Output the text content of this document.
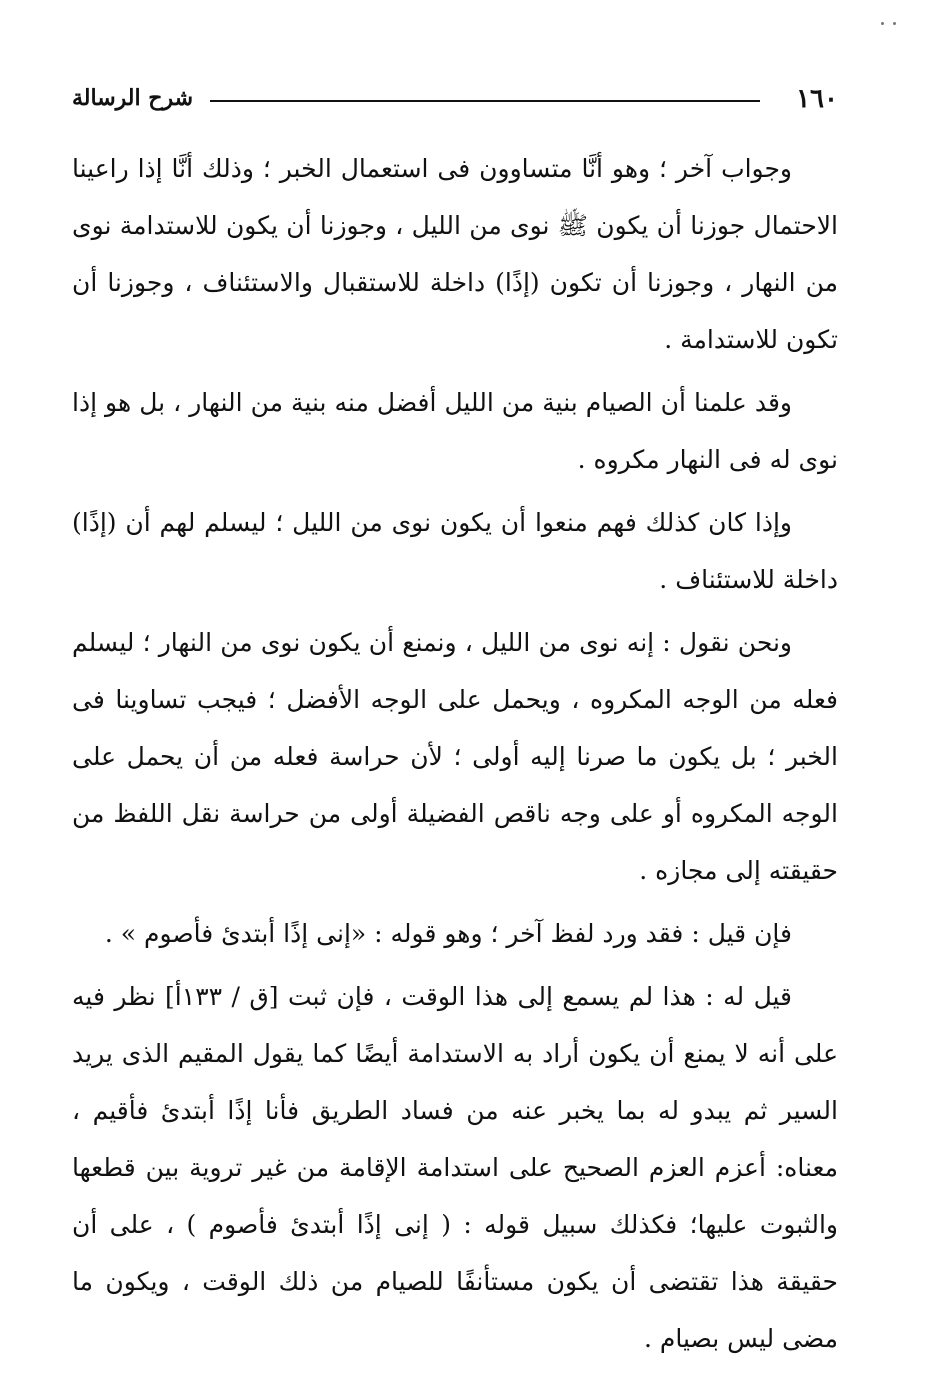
١٦٠
شرح الرسالة

وجواب آخر ؛ وهو أنَّا متساوون فى استعمال الخبر ؛ وذلك أنَّا إذا راعينا الاحتمال جوزنا أن يكون ﷺ نوى من الليل ، وجوزنا أن يكون للاستدامة نوى من النهار ، وجوزنا أن تكون (إذًا) داخلة للاستقبال والاستئناف ، وجوزنا أن تكون للاستدامة .

وقد علمنا أن الصيام بنية من الليل أفضل منه بنية من النهار ، بل هو إذا نوى له فى النهار مكروه .

وإذا كان كذلك فهم منعوا أن يكون نوى من الليل ؛ ليسلم لهم أن (إذًا) داخلة للاستئناف .

ونحن نقول : إنه نوى من الليل ، ونمنع أن يكون نوى من النهار ؛ ليسلم فعله من الوجه المكروه ، ويحمل على الوجه الأفضل ؛ فيجب تساوينا فى الخبر ؛ بل يكون ما صرنا إليه أولى ؛ لأن حراسة فعله من أن يحمل على الوجه المكروه أو على وجه ناقص الفضيلة أولى من حراسة نقل اللفظ من حقيقته إلى مجازه .

فإن قيل : فقد ورد لفظ آخر ؛ وهو قوله : «إنى إذًا أبتدئ فأصوم » .

قيل له : هذا لم يسمع إلى هذا الوقت ، فإن ثبت [ق / ١٣٣أ] نظر فيه على أنه لا يمنع أن يكون أراد به الاستدامة أيضًا كما يقول المقيم الذى يريد السير ثم يبدو له بما يخبر عنه من فساد الطريق فأنا إذًا أبتدئ فأقيم ، معناه: أعزم العزم الصحيح على استدامة الإقامة من غير تروية بين قطعها والثبوت عليها؛ فكذلك سبيل قوله : ( إنى إذًا أبتدئ فأصوم ) ، على أن حقيقة هذا تقتضى أن يكون مستأنفًا للصيام من ذلك الوقت ، ويكون ما مضى ليس بصيام .
